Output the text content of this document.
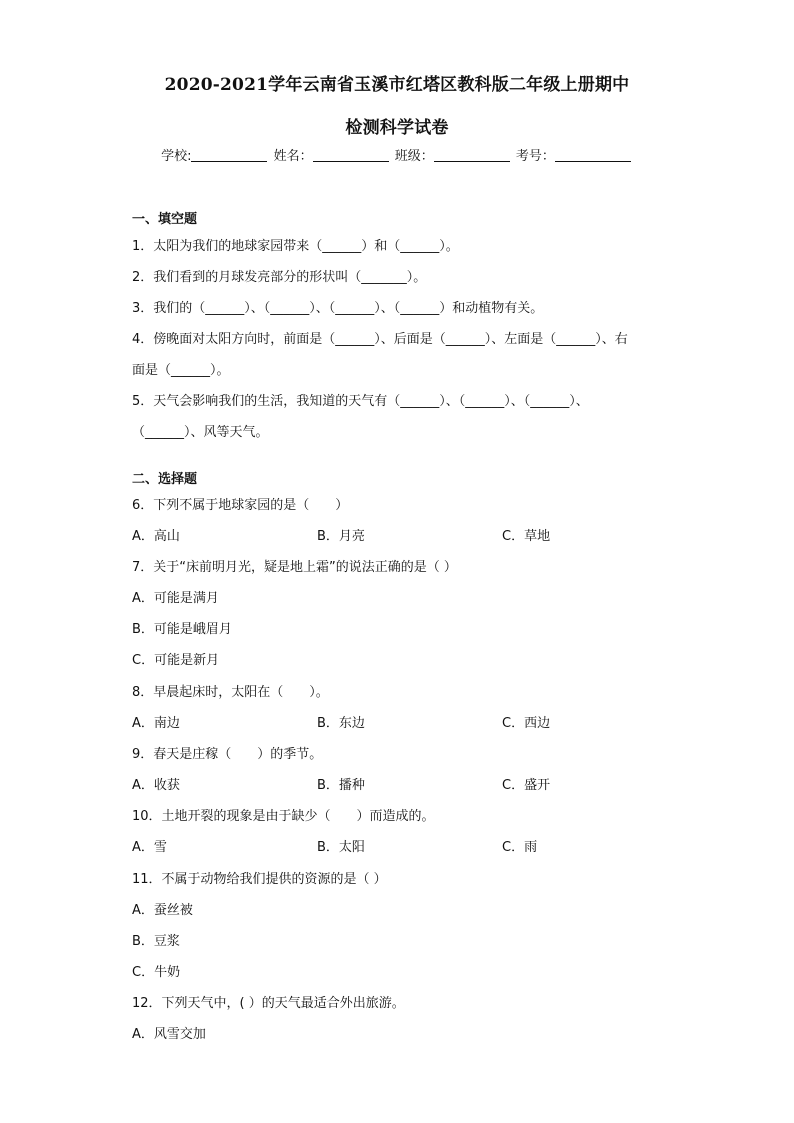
2020-2021学年云南省玉溪市红塔区教科版二年级上册期中
检测科学试卷
学校:	姓名：	班级：	考号：
一、填空题
1．太阳为我们的地球家园带来（______）和（______）。
2．我们看到的月球发亮部分的形状叫（_______）。
3．我们的（______）、（______）、（______）、（______）和动植物有关。
4．傍晚面对太阳方向时，前面是（______）、后面是（______）、左面是（______）、右
面是（______）。
5．天气会影响我们的生活，我知道的天气有（______）、（______）、（______）、
（______）、风等天气。
二、选择题
6．下列不属于地球家园的是（　　）
A．高山	B．月亮	C．草地
7．关于“床前明月光，疑是地上霜”的说法正确的是（ ）
A．可能是满月
B．可能是峨眉月
C．可能是新月
8．早晨起床时，太阳在（　　）。
A．南边	B．东边	C．西边
9．春天是庄稼（　　）的季节。
A．收获	B．播种	C．盛开
10．土地开裂的现象是由于缺少（　　）而造成的。
A．雪	B．太阳	C．雨
11．不属于动物给我们提供的资源的是（ ）
A．蚕丝被
B．豆浆
C．牛奶
12．下列天气中，( ）的天气最适合外出旅游。
A．风雪交加
